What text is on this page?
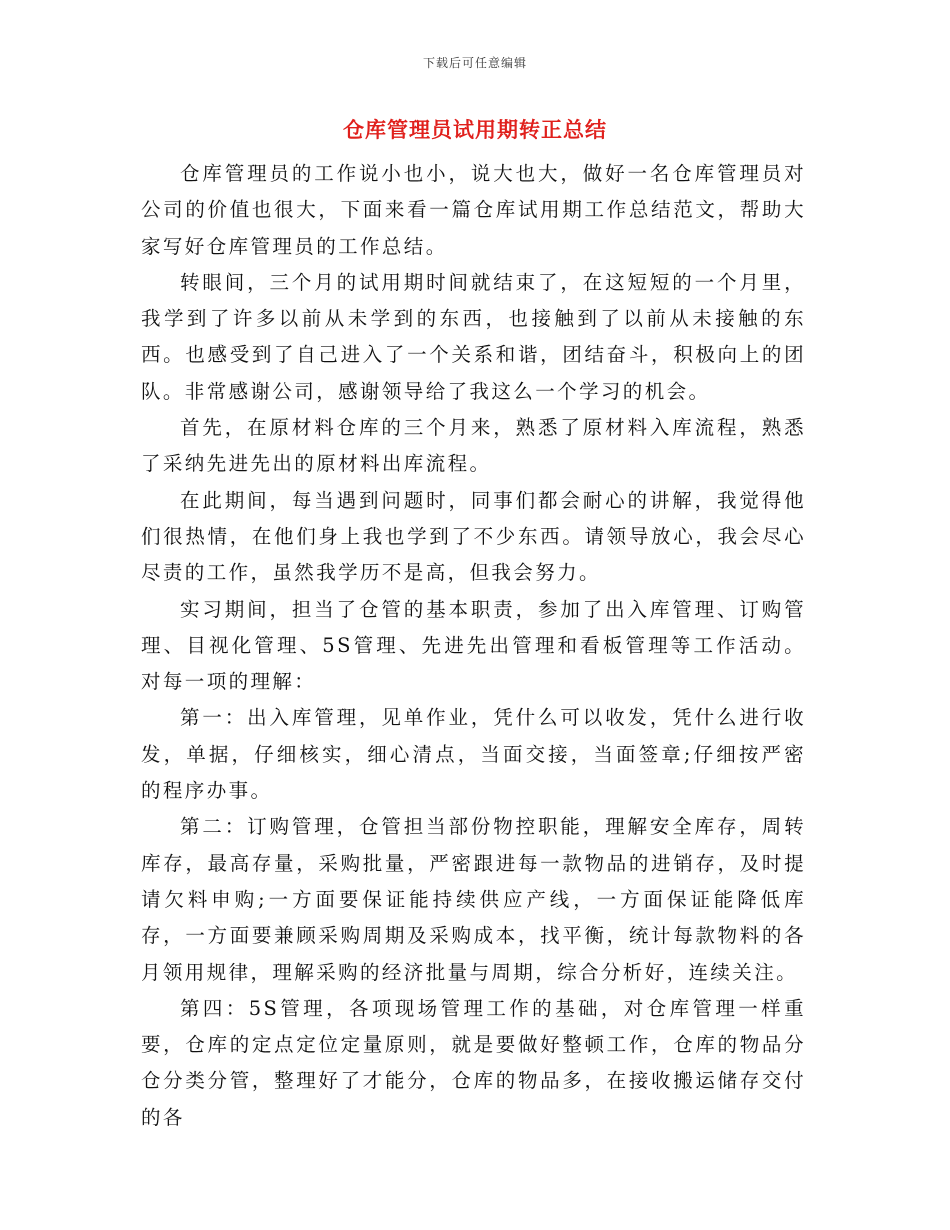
下载后可任意编辑
仓库管理员试用期转正总结

仓库管理员的工作说小也小，说大也大，做好一名仓库管理员对公司的价值也很大，下面来看一篇仓库试用期工作总结范文，帮助大家写好仓库管理员的工作总结。

转眼间，三个月的试用期时间就结束了，在这短短的一个月里，我学到了许多以前从未学到的东西，也接触到了以前从未接触的东西。也感受到了自己进入了一个关系和谐，团结奋斗，积极向上的团队。非常感谢公司，感谢领导给了我这么一个学习的机会。

首先，在原材料仓库的三个月来，熟悉了原材料入库流程，熟悉了采纳先进先出的原材料出库流程。

在此期间，每当遇到问题时，同事们都会耐心的讲解，我觉得他们很热情，在他们身上我也学到了不少东西。请领导放心，我会尽心尽责的工作，虽然我学历不是高，但我会努力。

实习期间，担当了仓管的基本职责，参加了出入库管理、订购管理、目视化管理、5S管理、先进先出管理和看板管理等工作活动。对每一项的理解：

第一：出入库管理，见单作业，凭什么可以收发，凭什么进行收发，单据，仔细核实，细心清点，当面交接，当面签章;仔细按严密的程序办事。

第二：订购管理，仓管担当部份物控职能，理解安全库存，周转库存，最高存量，采购批量，严密跟进每一款物品的进销存，及时提请欠料申购;一方面要保证能持续供应产线，一方面保证能降低库存，一方面要兼顾采购周期及采购成本，找平衡，统计每款物料的各月领用规律，理解采购的经济批量与周期，综合分析好，连续关注。

第四：5S管理，各项现场管理工作的基础，对仓库管理一样重要，仓库的定点定位定量原则，就是要做好整顿工作，仓库的物品分仓分类分管，整理好了才能分，仓库的物品多，在接收搬运储存交付的各
